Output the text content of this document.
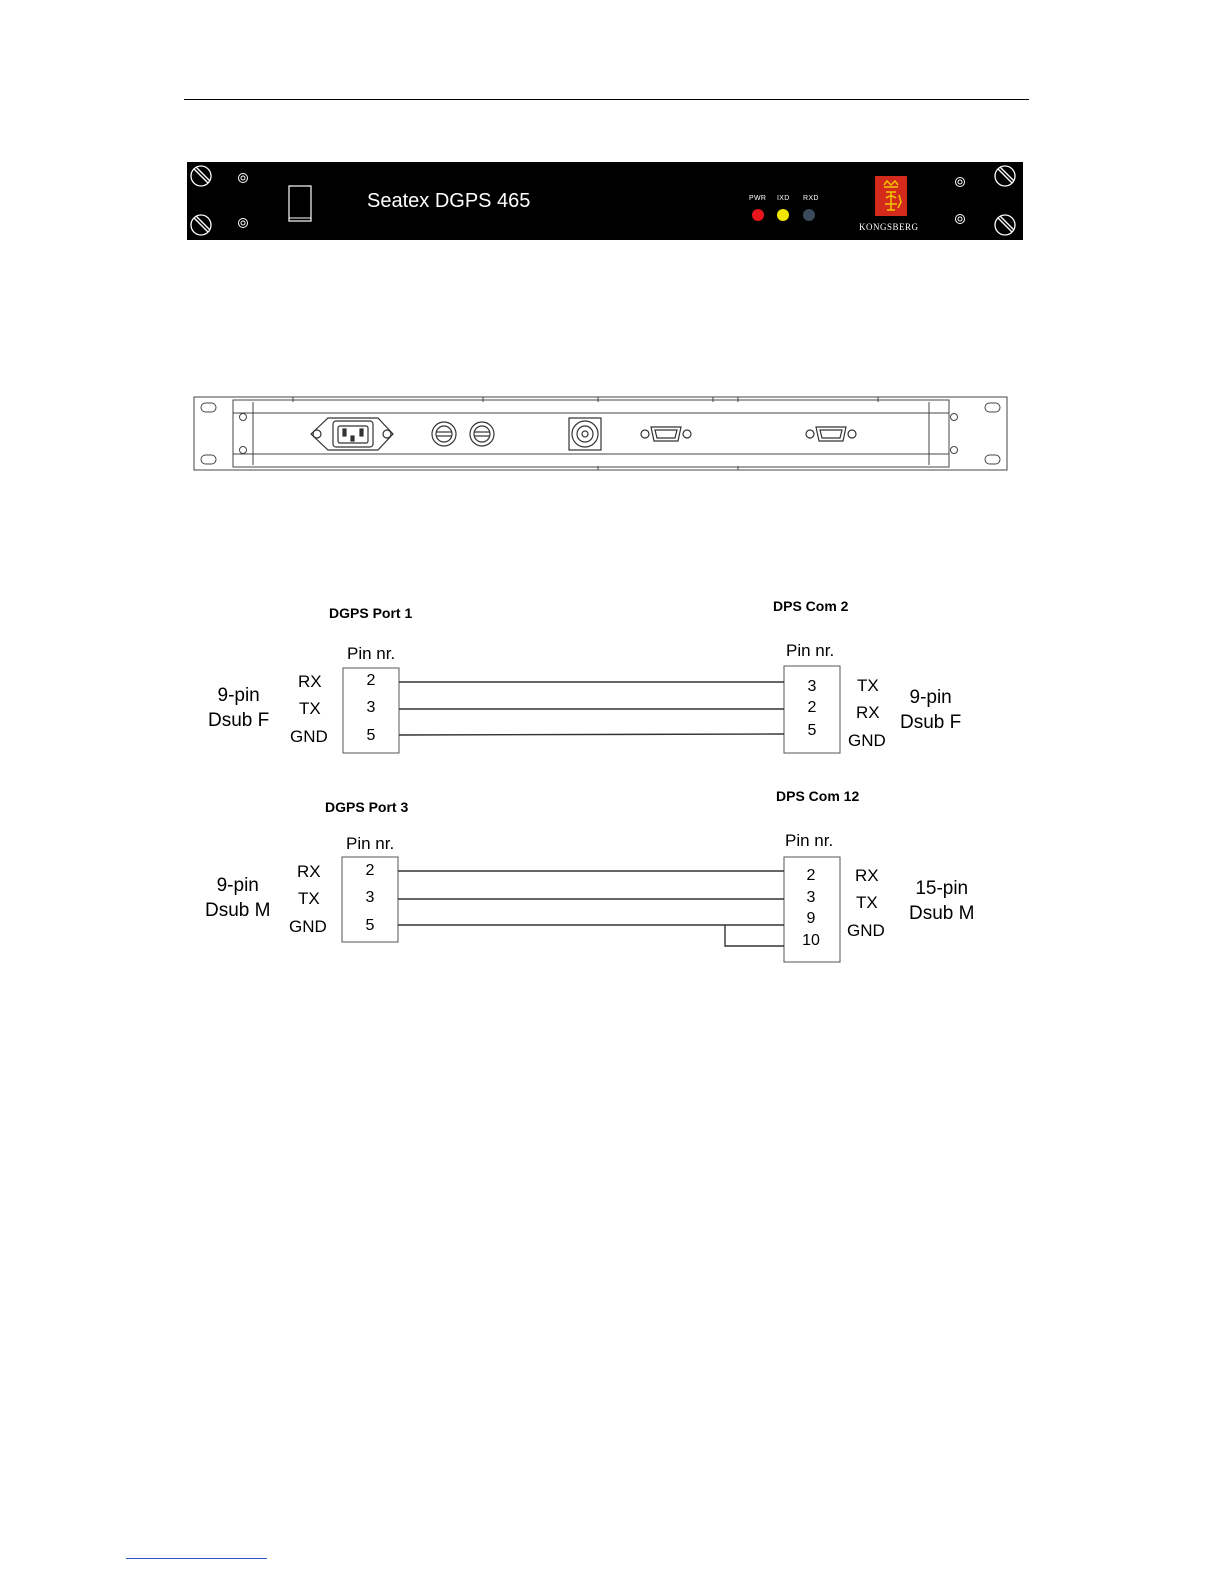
Seatex DGPS 465	PWR IXD RXD
KONGSBERG
DGPS Port 1	DPS Com 2
Pin nr.	Pin nr.
9-pin
Dsub F
9-pin
Dsub F
RX
TX
GND
2
3
5
3
2
5
TX
RX
GND
DGPS Port 3
DPS Com 12
Pin nr.	Pin nr.
9-pin
Dsub M
15-pin
Dsub M
RX
TX
GND
2
3
5
2
3
9
10
RX
TX
GND
